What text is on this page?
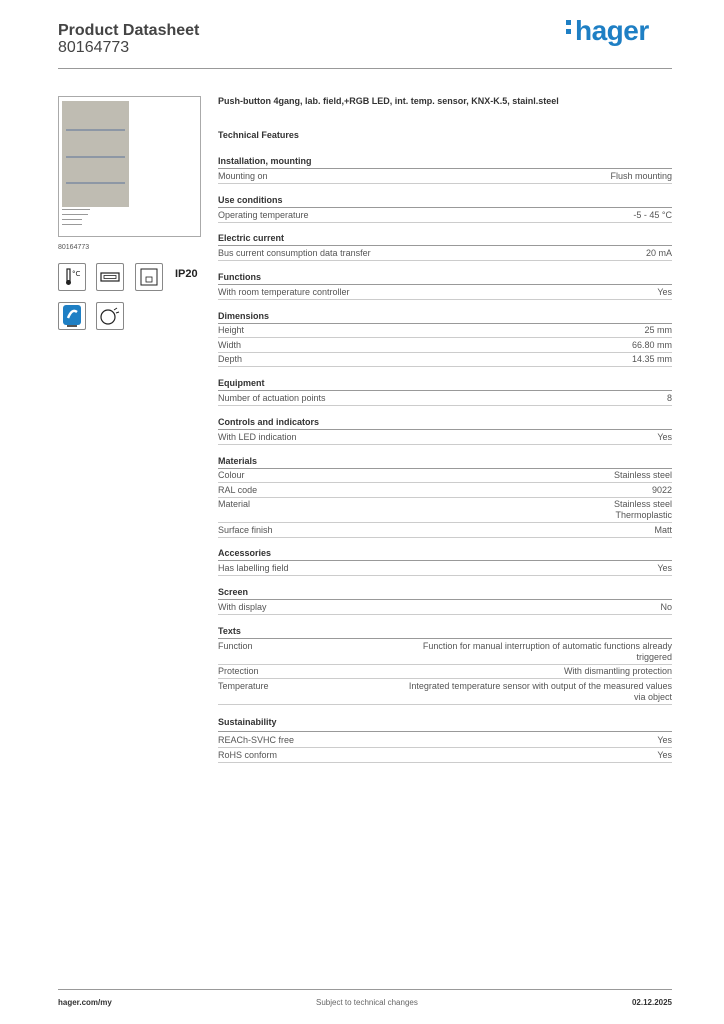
Product Datasheet
80164773
hager
80164773
°C	IP20
Push-button 4gang, lab. field,+RGB LED, int. temp. sensor, KNX-K.5, stainl.steel
Technical Features
Installation, mounting
Mounting on	Flush mounting
Use conditions
Operating temperature	-5 - 45 °C
Electric current
Bus current consumption data transfer	20 mA
Functions
With room temperature controller	Yes
Dimensions
Height	25 mm
Width	66.80 mm
Depth	14.35 mm
Equipment
Number of actuation points	8
Controls and indicators
With LED indication	Yes
Materials
Colour	Stainless steel
RAL code	9022
Material	Stainless steel
Thermoplastic
Surface finish	Matt
Accessories
Has labelling field	Yes
Screen
With display	No
Texts
Function	Function for manual interruption of automatic functions already
triggered
Protection	With dismantling protection
Temperature	Integrated temperature sensor with output of the measured values
via object
Sustainability
REACh-SVHC free	Yes
RoHS conform	Yes
hager.com/my	Subject to technical changes	02.12.2025
